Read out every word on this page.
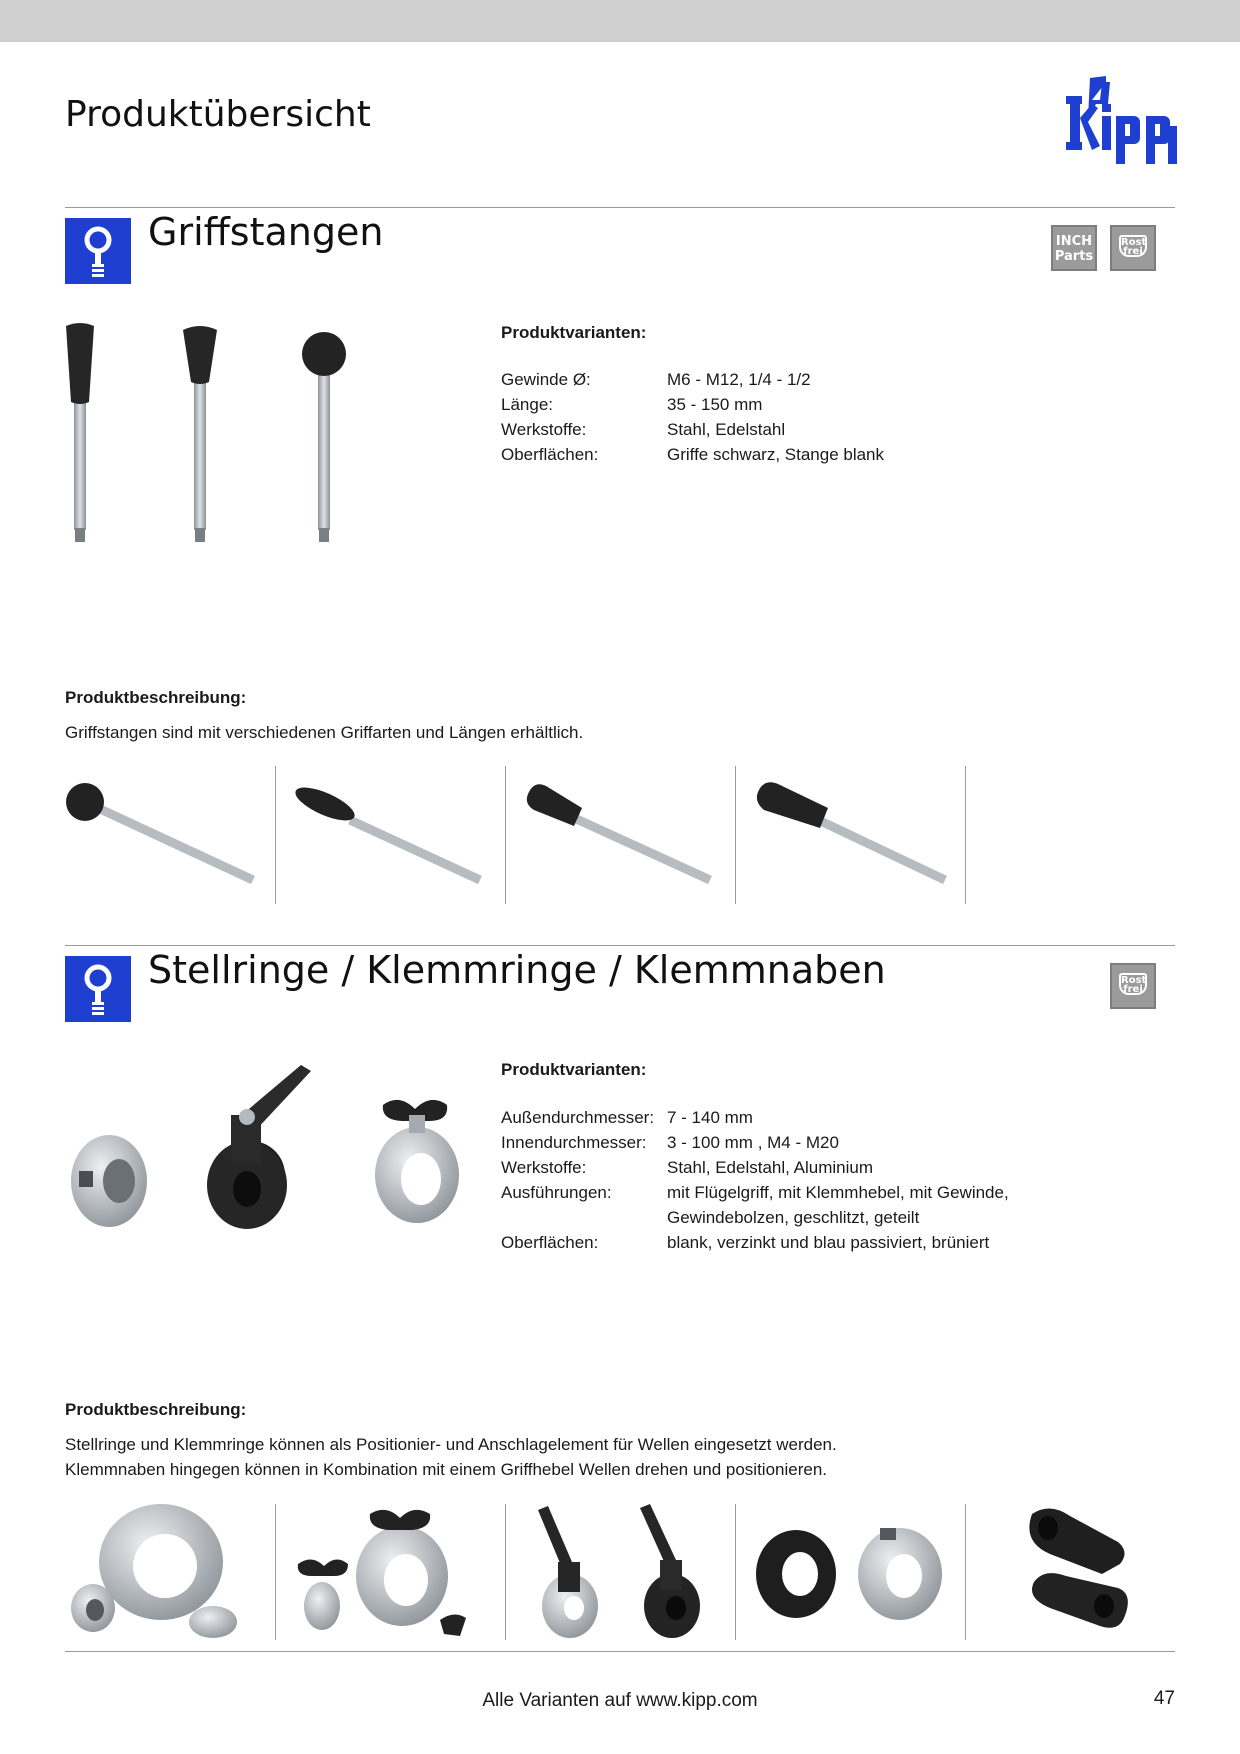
Produktübersicht
Griffstangen	INCH
Parts
Rost
frei
Produktvarianten:
Gewinde Ø:	M6 - M12, 1/4 - 1/2
Länge:	35 - 150 mm
Werkstoffe:	Stahl, Edelstahl
Oberflächen:	Griffe schwarz, Stange blank
Produktbeschreibung:
Griffstangen sind mit verschiedenen Griffarten und Längen erhältlich.
Stellringe / Klemmringe / Klemmnaben	Rost
frei
Produktvarianten:
Außendurchmesser: 7 - 140 mm
Innendurchmesser:	3 - 100 mm , M4 - M20
Werkstoffe:	Stahl, Edelstahl, Aluminium
Ausführungen:	mit Flügelgriff, mit Klemmhebel, mit Gewinde, Gewindebolzen, geschlitzt, geteilt
Oberflächen:	blank, verzinkt und blau passiviert, brüniert
Produktbeschreibung:
Stellringe und Klemmringe können als Positionier- und Anschlagelement für Wellen eingesetzt werden.
Klemmnaben hingegen können in Kombination mit einem Griffhebel Wellen drehen und positionieren.
Alle Varianten auf www.kipp.com	47
